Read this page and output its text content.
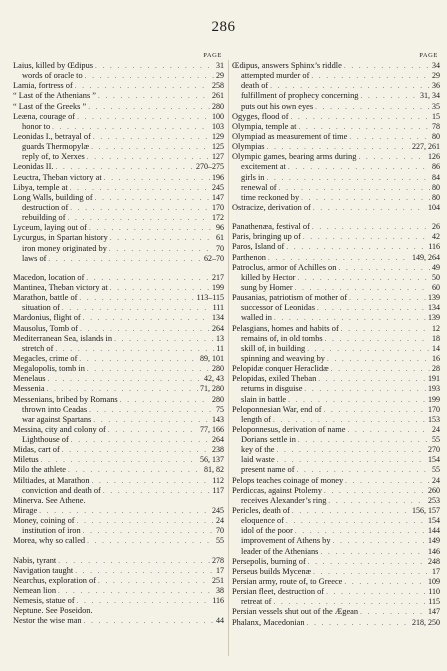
286
PAGE
Laius, killed by Œdipus . . .	31
words of oracle to . . .	29
Lamia, fortress of . . .	258
“ Last of the Athenians ” . . .	261
“ Last of the Greeks ” . . .	280
Leæna, courage of . . .	100
honor to . . .	103
Leonidas I., betrayal of . . .	129
guards Thermopylæ . . .	125
reply of, to Xerxes . . .	127
Leonidas II. . . .	270–275
Leuctra, Theban victory at . . .	196
Libya, temple at . . .	245
Long Walls, building of . . .	147
destruction of . . .	170
rebuilding of . . .	172
Lyceum, laying out of . . .	96
Lycurgus, in Spartan history . . .	61
iron money originated by . . .	70
laws of . . .	62–70
Macedon, location of . . .	217
Mantinea, Theban victory at . . .	199
Marathon, battle of . . .	113–115
situation of . . .	111
Mardonius, flight of . . .	134
Mausolus, Tomb of . . .	264
Mediterranean Sea, islands in . . .	13
stretch of . . .	11
Megacles, crime of . . .	89, 101
Megalopolis, tomb in . . .	280
Menelaus . . .	42, 43
Messenia . . .	71, 280
Messenians, bribed by Romans . . .	280
thrown into Ceadas . . .	75
war against Spartans . . .	143
Messina, city and colony of . . .	77, 166
Lighthouse of . . .	264
Midas, cart of . . .	238
Miletus . . .	56, 137
Milo the athlete . . .	81, 82
Miltiades, at Marathon . . .	112
conviction and death of . . .	117
Minerva. See Athene.
Mirage . . .	245
Money, coining of . . .	24
institution of iron . . .	70
Morea, why so called . . .	55
Nabis, tyrant . . .	278
Navigation taught . . .	17
Nearchus, exploration of . . .	251
Nemean lion . . .	38
Nemesis, statue of . . .	116
Neptune. See Poseidon.
Nestor the wise man . . .	44
PAGE
Œdipus, answers Sphinx’s riddle . . .	34
attempted murder of . . .	29
death of . . .	36
fulfillment of prophecy concerning . . .	31, 34
puts out his own eyes . . .	35
Ogyges, flood of . . .	15
Olympia, temple at . . .	78
Olympiad as measurement of time . . .	80
Olympias . . .	227, 261
Olympic games, bearing arms during . . .	126
excitement at . . .	86
girls in . . .	84
renewal of . . .	80
time reckoned by . . .	80
Ostracize, derivation of . . .	104
Panathenæa, festival of . . .	26
Paris, bringing up of . . .	42
Paros, Island of . . .	116
Parthenon . . .	149, 264
Patroclus, armor of Achilles on . . .	49
killed by Hector . . .	50
sung by Homer . . .	60
Pausanias, patriotism of mother of . . .	139
successor of Leonidas . . .	134
walled in . . .	139
Pelasgians, homes and habits of . . .	12
remains of, in old tombs . . .	18
skill of, in building . . .	14
spinning and weaving by . . .	16
Pelopidæ conquer Heraclidæ . . .	28
Pelopidas, exiled Theban . . .	191
returns in disguise . . .	193
slain in battle . . .	199
Peloponnesian War, end of . . .	170
length of . . .	153
Peloponnesus, derivation of name . . .	24
Dorians settle in . . .	55
key of the . . .	270
laid waste . . .	154
present name of . . .	55
Pelops teaches coinage of money . . .	24
Perdiccas, against Ptolemy . . .	260
receives Alexander’s ring . . .	253
Pericles, death of . . .	156, 157
eloquence of . . .	154
idol of the poor . . .	144
improvement of Athens by . . .	149
leader of the Athenians . . .	146
Persepolis, burning of . . .	248
Perseus builds Mycenæ . . .	17
Persian army, route of, to Greece . . .	109
Persian fleet, destruction of . . .	110
retreat of . . .	115
Persian vessels shut out of the Ægean . . .	147
Phalanx, Macedonian . . .	218, 250
